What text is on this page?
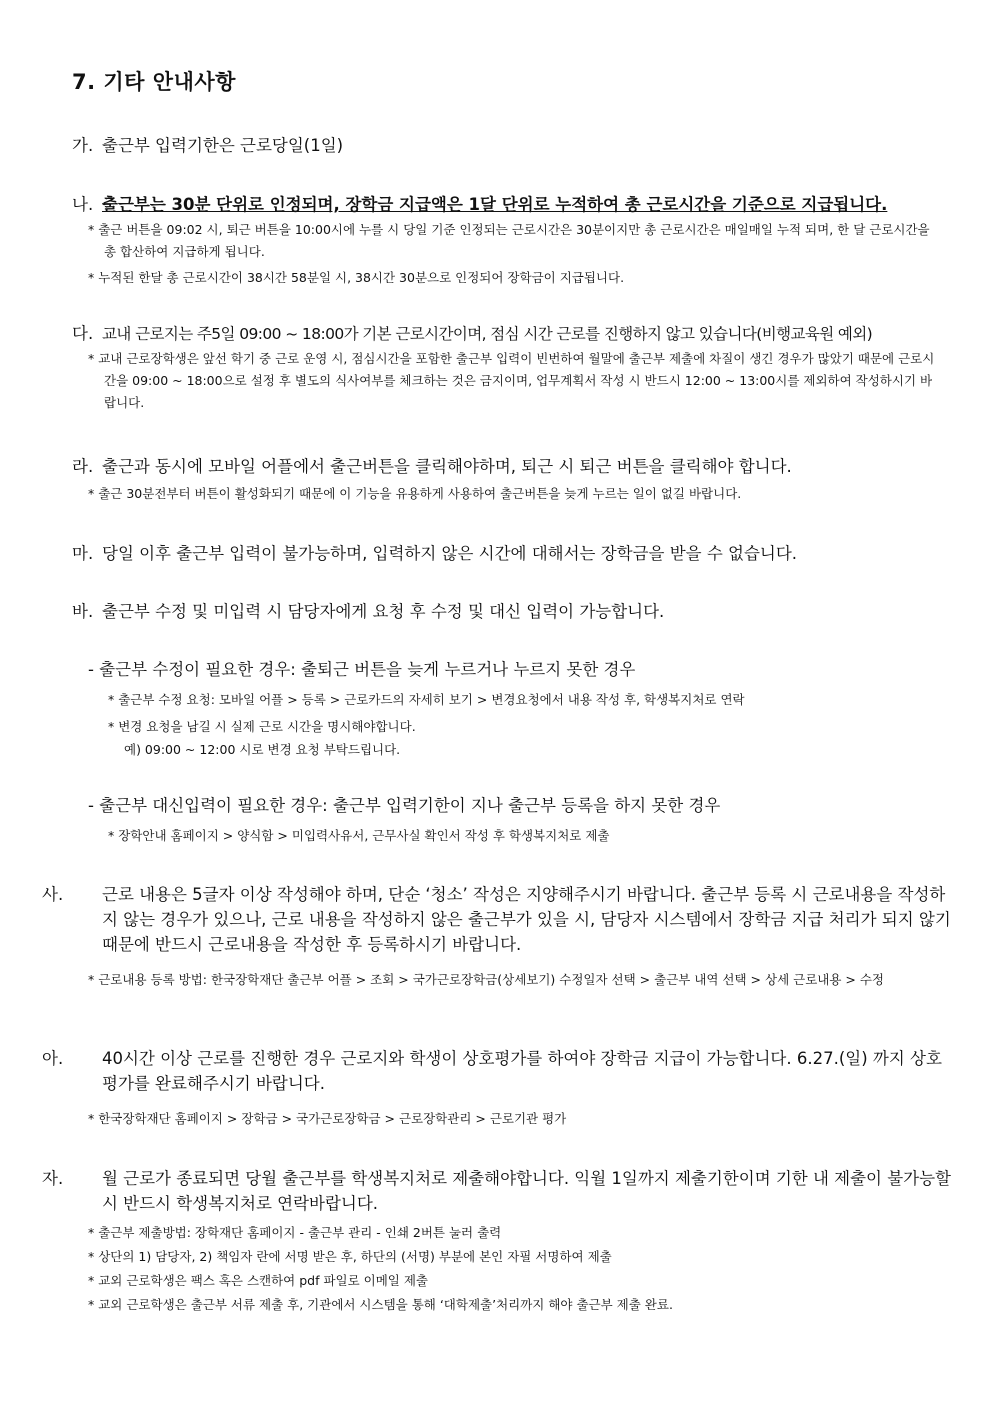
7. 기타 안내사항
가. 출근부 입력기한은 근로당일(1일)
나. 출근부는 30분 단위로 인정되며, 장학금 지급액은 1달 단위로 누적하여 총 근로시간을 기준으로 지급됩니다.
* 출근 버튼을 09:02 시, 퇴근 버튼을 10:00시에 누를 시 당일 기준 인정되는 근로시간은 30분이지만 총 근로시간은 매일매일 누적 되며, 한 달 근로시간을 총 합산하여 지급하게 됩니다.
* 누적된 한달 총 근로시간이 38시간 58분일 시, 38시간 30분으로 인정되어 장학금이 지급됩니다.
다. 교내 근로지는 주5일 09:00 ~ 18:00가 기본 근로시간이며, 점심 시간 근로를 진행하지 않고 있습니다(비행교육원 예외)
* 교내 근로장학생은 앞선 학기 중 근로 운영 시, 점심시간을 포함한 출근부 입력이 빈번하여 월말에 출근부 제출에 차질이 생긴 경우가 많았기 때문에 근로시간을 09:00 ~ 18:00으로 설정 후 별도의 식사여부를 체크하는 것은 금지이며, 업무계획서 작성 시 반드시 12:00 ~ 13:00시를 제외하여 작성하시기 바랍니다.
라. 출근과 동시에 모바일 어플에서 출근버튼을 클릭해야하며, 퇴근 시 퇴근 버튼을 클릭해야 합니다.
* 출근 30분전부터 버튼이 활성화되기 때문에 이 기능을 유용하게 사용하여 출근버튼을 늦게 누르는 일이 없길 바랍니다.
마. 당일 이후 출근부 입력이 불가능하며, 입력하지 않은 시간에 대해서는 장학금을 받을 수 없습니다.
바. 출근부 수정 및 미입력 시 담당자에게 요청 후 수정 및 대신 입력이 가능합니다.
- 출근부 수정이 필요한 경우: 출퇴근 버튼을 늦게 누르거나 누르지 못한 경우
* 출근부 수정 요청: 모바일 어플 > 등록 > 근로카드의 자세히 보기 > 변경요청에서 내용 작성 후, 학생복지처로 연락
* 변경 요청을 남길 시 실제 근로 시간을 명시해야합니다.
예) 09:00 ~ 12:00 시로 변경 요청 부탁드립니다.
- 출근부 대신입력이 필요한 경우: 출근부 입력기한이 지나 출근부 등록을 하지 못한 경우
* 장학안내 홈페이지 > 양식함 > 미입력사유서, 근무사실 확인서 작성 후 학생복지처로 제출
사. 근로 내용은 5글자 이상 작성해야 하며, 단순 ‘청소’ 작성은 지양해주시기 바랍니다. 출근부 등록 시 근로내용을 작성하지 않는 경우가 있으나, 근로 내용을 작성하지 않은 출근부가 있을 시, 담당자 시스템에서 장학금 지급 처리가 되지 않기 때문에 반드시 근로내용을 작성한 후 등록하시기 바랍니다.
* 근로내용 등록 방법: 한국장학재단 출근부 어플 > 조회 > 국가근로장학금(상세보기) 수정일자 선택 > 출근부 내역 선택 > 상세 근로내용 > 수정
아. 40시간 이상 근로를 진행한 경우 근로지와 학생이 상호평가를 하여야 장학금 지급이 가능합니다. 6.27.(일) 까지 상호평가를 완료해주시기 바랍니다.
* 한국장학재단 홈페이지 > 장학금 > 국가근로장학금 > 근로장학관리 > 근로기관 평가
자. 월 근로가 종료되면 당월 출근부를 학생복지처로 제출해야합니다. 익월 1일까지 제출기한이며 기한 내 제출이 불가능할 시 반드시 학생복지처로 연락바랍니다.
* 출근부 제출방법: 장학재단 홈페이지 - 출근부 관리 - 인쇄 2버튼 눌러 출력
* 상단의 1) 담당자, 2) 책임자 란에 서명 받은 후, 하단의 (서명) 부분에 본인 자필 서명하여 제출
* 교외 근로학생은 팩스 혹은 스캔하여 pdf 파일로 이메일 제출
* 교외 근로학생은 출근부 서류 제출 후, 기관에서 시스템을 통해 ‘대학제출’처리까지 해야 출근부 제출 완료.
